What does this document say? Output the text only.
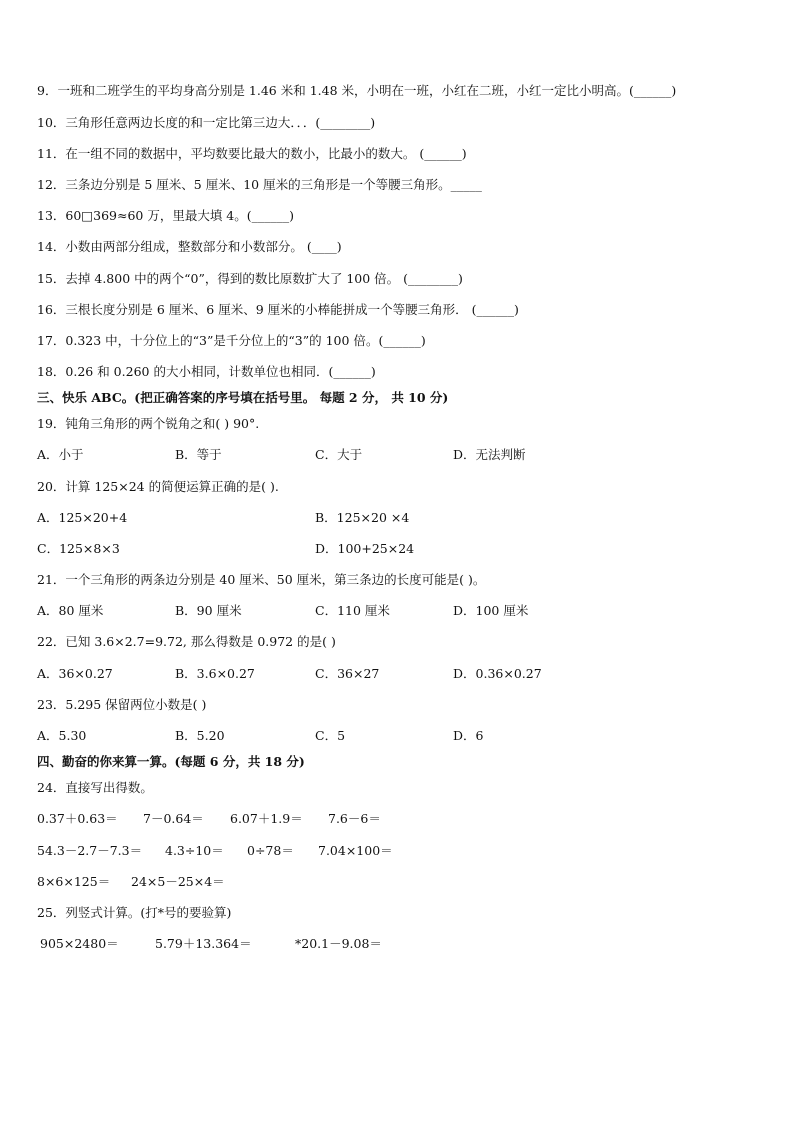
9．一班和二班学生的平均身高分别是 1.46 米和 1.48 米，小明在一班，小红在二班，小红一定比小明高。(______)
10．三角形任意两边长度的和一定比第三边大．．．(________)
11．在一组不同的数据中，平均数要比最大的数小，比最小的数大。 (______)
12．三条边分别是 5 厘米、5 厘米、10 厘米的三角形是一个等腰三角形。_____
13．60□369≈60 万，里最大填 4。(______)
14．小数由两部分组成，整数部分和小数部分。 (____)
15．去掉 4.800 中的两个“0”，得到的数比原数扩大了 100 倍。 (________)
16．三根长度分别是 6 厘米、6 厘米、9 厘米的小棒能拼成一个等腰三角形． (______)
17．0.323 中，十分位上的“3”是千分位上的“3”的 100 倍。(______)
18．0.26 和 0.260 的大小相同，计数单位也相同．(______)
三、快乐 ABC。(把正确答案的序号填在括号里。 每题 2 分， 共 10 分)
19．钝角三角形的两个锐角之和( ) 90°.
A．小于	B．等于	C．大于	D．无法判断
20．计算 125×24 的简便运算正确的是( ).
A．125×20+4	B．125×20 ×4
C．125×8×3	D．100+25×24
21．一个三角形的两条边分别是 40 厘米、50 厘米，第三条边的长度可能是( )。
A．80 厘米	B．90 厘米	C．110 厘米	D．100 厘米
22．已知 3.6×2.7=9.72, 那么得数是 0.972 的是( )
A．36×0.27	B．3.6×0.27	C．36×27	D．0.36×0.27
23．5.295 保留两位小数是( )
A．5.30	B．5.20	C．5	D．6
四、勤奋的你来算一算。(每题 6 分，共 18 分)
24．直接写出得数。
0.37＋0.63＝ 7－0.64＝ 6.07＋1.9＝ 7.6－6＝
54.3－2.7－7.3＝ 4.3÷10＝ 0÷78＝ 7.04×100＝
8×6×125＝ 24×5－25×4＝
25．列竖式计算。(打*号的要验算)
905×2480＝	5.79＋13.364＝	*20.1－9.08＝
